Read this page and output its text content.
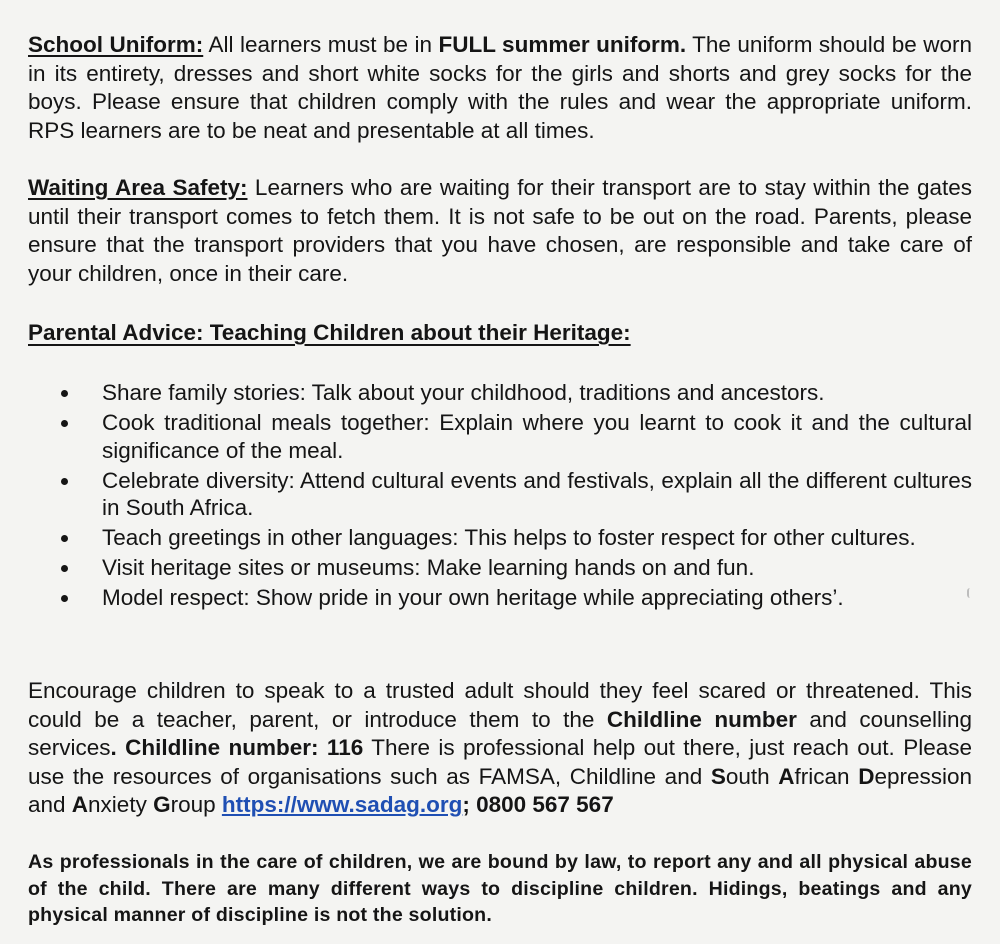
School Uniform: All learners must be in FULL summer uniform. The uniform should be worn in its entirety, dresses and short white socks for the girls and shorts and grey socks for the boys. Please ensure that children comply with the rules and wear the appropriate uniform. RPS learners are to be neat and presentable at all times.

Waiting Area Safety: Learners who are waiting for their transport are to stay within the gates until their transport comes to fetch them. It is not safe to be out on the road. Parents, please ensure that the transport providers that you have chosen, are responsible and take care of your children, once in their care.

Parental Advice: Teaching Children about their Heritage:
Share family stories: Talk about your childhood, traditions and ancestors.
Cook traditional meals together: Explain where you learnt to cook it and the cultural significance of the meal.
Celebrate diversity: Attend cultural events and festivals, explain all the different cultures in South Africa.
Teach greetings in other languages: This helps to foster respect for other cultures.
Visit heritage sites or museums: Make learning hands on and fun.
Model respect: Show pride in your own heritage while appreciating others’.

Encourage children to speak to a trusted adult should they feel scared or threatened. This could be a teacher, parent, or introduce them to the Childline number and counselling services. Childline number: 116 There is professional help out there, just reach out. Please use the resources of organisations such as FAMSA, Childline and South African Depression and Anxiety Group https://www.sadag.org; 0800 567 567

As professionals in the care of children, we are bound by law, to report any and all physical abuse of the child. There are many different ways to discipline children. Hidings, beatings and any physical manner of discipline is not the solution.
